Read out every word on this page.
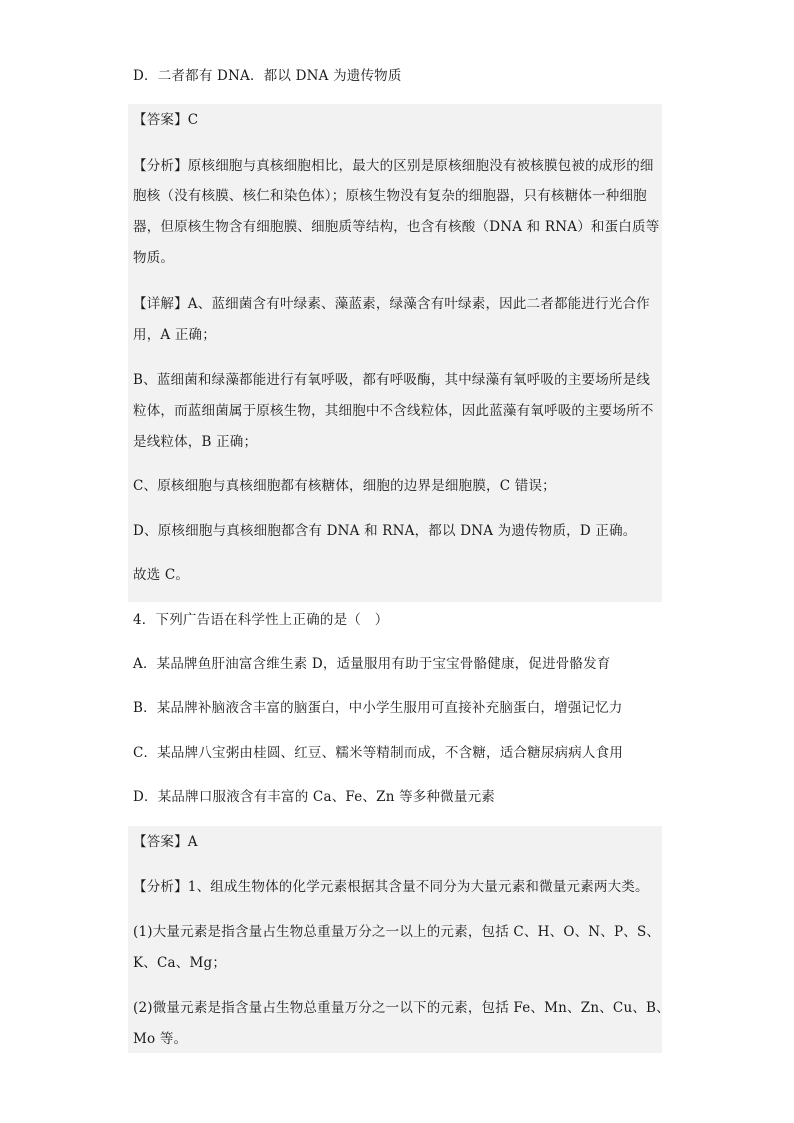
D．二者都有 DNA．都以 DNA 为遗传物质
【答案】C
【分析】原核细胞与真核细胞相比，最大的区别是原核细胞没有被核膜包被的成形的细
胞核（没有核膜、核仁和染色体）；原核生物没有复杂的细胞器，只有核糖体一种细胞
器，但原核生物含有细胞膜、细胞质等结构，也含有核酸（DNA 和 RNA）和蛋白质等
物质。
【详解】A、蓝细菌含有叶绿素、藻蓝素，绿藻含有叶绿素，因此二者都能进行光合作
用，A 正确；
B、蓝细菌和绿藻都能进行有氧呼吸，都有呼吸酶，其中绿藻有氧呼吸的主要场所是线
粒体，而蓝细菌属于原核生物，其细胞中不含线粒体，因此蓝藻有氧呼吸的主要场所不
是线粒体，B 正确；
C、原核细胞与真核细胞都有核糖体，细胞的边界是细胞膜，C 错误；
D、原核细胞与真核细胞都含有 DNA 和 RNA，都以 DNA 为遗传物质，D 正确。
故选 C。
4．下列广告语在科学性上正确的是（　）
A．某品牌鱼肝油富含维生素 D，适量服用有助于宝宝骨骼健康，促进骨骼发育
B．某品牌补脑液含丰富的脑蛋白，中小学生服用可直接补充脑蛋白，增强记忆力
C．某品牌八宝粥由桂圆、红豆、糯米等精制而成，不含糖，适合糖尿病病人食用
D．某品牌口服液含有丰富的 Ca、Fe、Zn 等多种微量元素
【答案】A
【分析】1、组成生物体的化学元素根据其含量不同分为大量元素和微量元素两大类。
(1)大量元素是指含量占生物总重量万分之一以上的元素，包括 C、H、O、N、P、S、
K、Ca、Mg；
(2)微量元素是指含量占生物总重量万分之一以下的元素，包括 Fe、Mn、Zn、Cu、B、
Mo 等。
